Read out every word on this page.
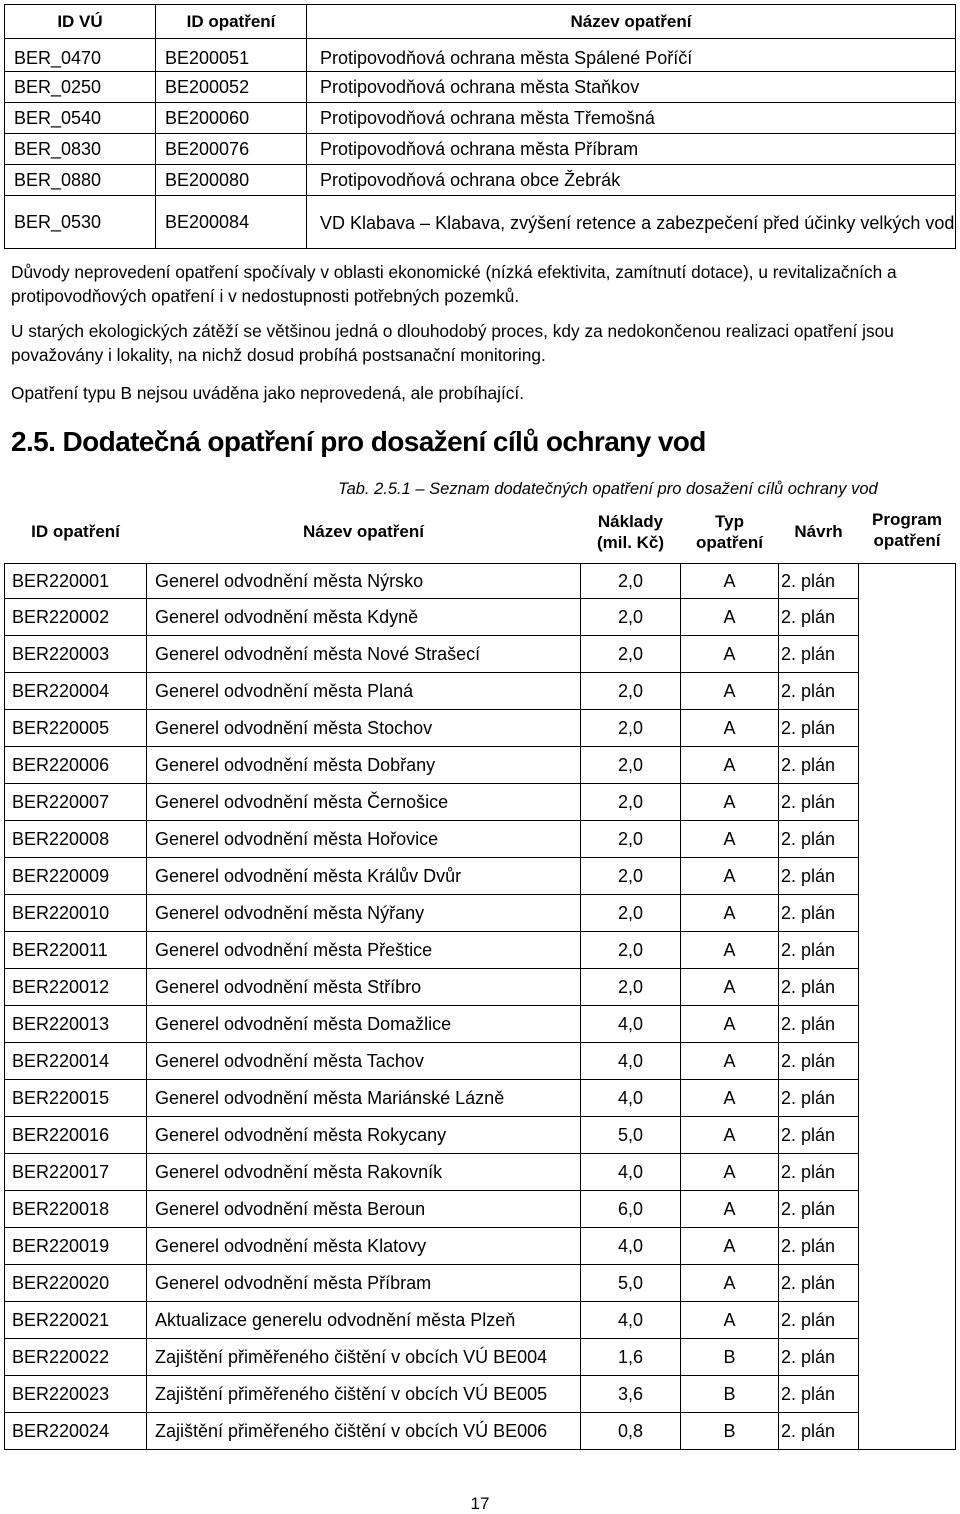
ID VÚ	ID opatření	Název opatření
BER_0470	BE200051	Protipovodňová ochrana města Spálené Poříčí
BER_0250	BE200052	Protipovodňová ochrana města Staňkov
BER_0540	BE200060	Protipovodňová ochrana města Třemošná
BER_0830	BE200076	Protipovodňová ochrana města Příbram
BER_0880	BE200080	Protipovodňová ochrana obce Žebrák
BER_0530	BE200084	VD Klabava – Klabava, zvýšení retence a zabezpečení před účinky velkých vod

Důvody neprovedení opatření spočívaly v oblasti ekonomické (nízká efektivita, zamítnutí dotace), u revitalizačních a protipovodňových opatření i v nedostupnosti potřebných pozemků.

U starých ekologických zátěží se většinou jedná o dlouhodobý proces, kdy za nedokončenou realizaci opatření jsou považovány i lokality, na nichž dosud probíhá postsanační monitoring.

Opatření typu B nejsou uváděna jako neprovedená, ale probíhající.

2.5. Dodatečná opatření pro dosažení cílů ochrany vod
Tab. 2.5.1 – Seznam dodatečných opatření pro dosažení cílů ochrany vod
ID opatření	Název opatření	Náklady (mil. Kč)	Typ opatření	Návrh	Program opatření
BER220001	Generel odvodnění města Nýrsko	2,0	A	2. plán	
BER220002	Generel odvodnění města Kdyně	2,0	A	2. plán	
BER220003	Generel odvodnění města Nové Strašecí	2,0	A	2. plán	
BER220004	Generel odvodnění města Planá	2,0	A	2. plán	
BER220005	Generel odvodnění města Stochov	2,0	A	2. plán	
BER220006	Generel odvodnění města Dobřany	2,0	A	2. plán	
BER220007	Generel odvodnění města Černošice	2,0	A	2. plán	
BER220008	Generel odvodnění města Hořovice	2,0	A	2. plán	
BER220009	Generel odvodnění města Králův Dvůr	2,0	A	2. plán	
BER220010	Generel odvodnění města Nýřany	2,0	A	2. plán	
BER220011	Generel odvodnění města Přeštice	2,0	A	2. plán	
BER220012	Generel odvodnění města Stříbro	2,0	A	2. plán	
BER220013	Generel odvodnění města Domažlice	4,0	A	2. plán	
BER220014	Generel odvodnění města Tachov	4,0	A	2. plán	
BER220015	Generel odvodnění města Mariánské Lázně	4,0	A	2. plán	
BER220016	Generel odvodnění města Rokycany	5,0	A	2. plán	
BER220017	Generel odvodnění města Rakovník	4,0	A	2. plán	
BER220018	Generel odvodnění města Beroun	6,0	A	2. plán	
BER220019	Generel odvodnění města Klatovy	4,0	A	2. plán	
BER220020	Generel odvodnění města Příbram	5,0	A	2. plán	
BER220021	Aktualizace generelu odvodnění města Plzeň	4,0	A	2. plán	
BER220022	Zajištění přiměřeného čištění v obcích VÚ BE004	1,6	B	2. plán	
BER220023	Zajištění přiměřeného čištění v obcích VÚ BE005	3,6	B	2. plán	
BER220024	Zajištění přiměřeného čištění v obcích VÚ BE006	0,8	B	2. plán	
17
